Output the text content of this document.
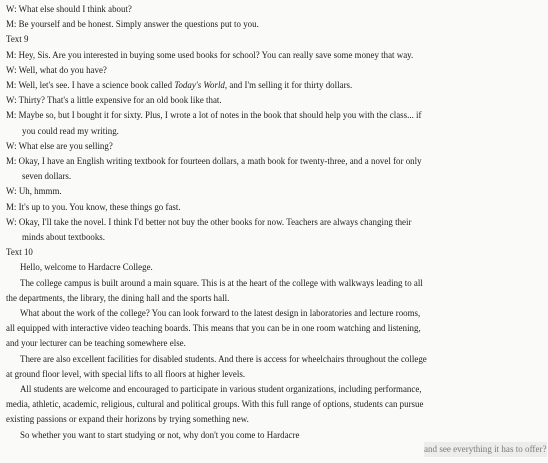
W: What else should I think about?
M: Be yourself and be honest. Simply answer the questions put to you.
Text 9
M: Hey, Sis. Are you interested in buying some used books for school? You can really save some money that way.
W: Well, what do you have?
M: Well, let's see. I have a science book called Today's World, and I'm selling it for thirty dollars.
W: Thirty? That's a little expensive for an old book like that.
M: Maybe so, but I bought it for sixty. Plus, I wrote a lot of notes in the book that should help you with the class... if
you could read my writing.
W: What else are you selling?
M: Okay, I have an English writing textbook for fourteen dollars, a math book for twenty-three, and a novel for only
seven dollars.
W: Uh, hmmm.
M: It's up to you. You know, these things go fast.
W: Okay, I'll take the novel. I think I'd better not buy the other books for now. Teachers are always changing their
minds about textbooks.
Text 10
Hello, welcome to Hardacre College.
The college campus is built around a main square. This is at the heart of the college with walkways leading to all
the departments, the library, the dining hall and the sports hall.
What about the work of the college? You can look forward to the latest design in laboratories and lecture rooms,
all equipped with interactive video teaching boards. This means that you can be in one room watching and listening,
and your lecturer can be teaching somewhere else.
There are also excellent facilities for disabled students. And there is access for wheelchairs throughout the college
at ground floor level, with special lifts to all floors at higher levels.
All students are welcome and encouraged to participate in various student organizations, including performance,
media, athletic, academic, religious, cultural and political groups. With this full range of options, students can pursue
existing passions or expand their horizons by trying something new.
So whether you want to start studying or not, why don't you come to Hardacre
and see everything it has to offer?
